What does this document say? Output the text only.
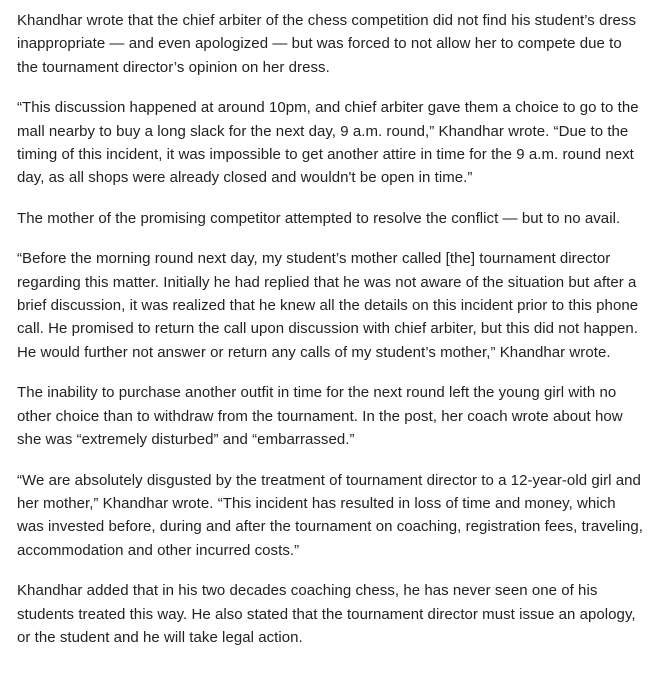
Khandhar wrote that the chief arbiter of the chess competition did not find his student’s dress inappropriate — and even apologized — but was forced to not allow her to compete due to the tournament director’s opinion on her dress.

“This discussion happened at around 10pm, and chief arbiter gave them a choice to go to the mall nearby to buy a long slack for the next day, 9 a.m. round,” Khandhar wrote. “Due to the timing of this incident, it was impossible to get another attire in time for the 9 a.m. round next day, as all shops were already closed and wouldn't be open in time.”

The mother of the promising competitor attempted to resolve the conflict — but to no avail.

“Before the morning round next day, my student’s mother called [the] tournament director regarding this matter. Initially he had replied that he was not aware of the situation but after a brief discussion, it was realized that he knew all the details on this incident prior to this phone call. He promised to return the call upon discussion with chief arbiter, but this did not happen. He would further not answer or return any calls of my student’s mother,” Khandhar wrote.

The inability to purchase another outfit in time for the next round left the young girl with no other choice than to withdraw from the tournament. In the post, her coach wrote about how she was “extremely disturbed” and “embarrassed.”

“We are absolutely disgusted by the treatment of tournament director to a 12-year-old girl and her mother,” Khandhar wrote. “This incident has resulted in loss of time and money, which was invested before, during and after the tournament on coaching, registration fees, traveling, accommodation and other incurred costs.”

Khandhar added that in his two decades coaching chess, he has never seen one of his students treated this way. He also stated that the tournament director must issue an apology, or the student and he will take legal action.
